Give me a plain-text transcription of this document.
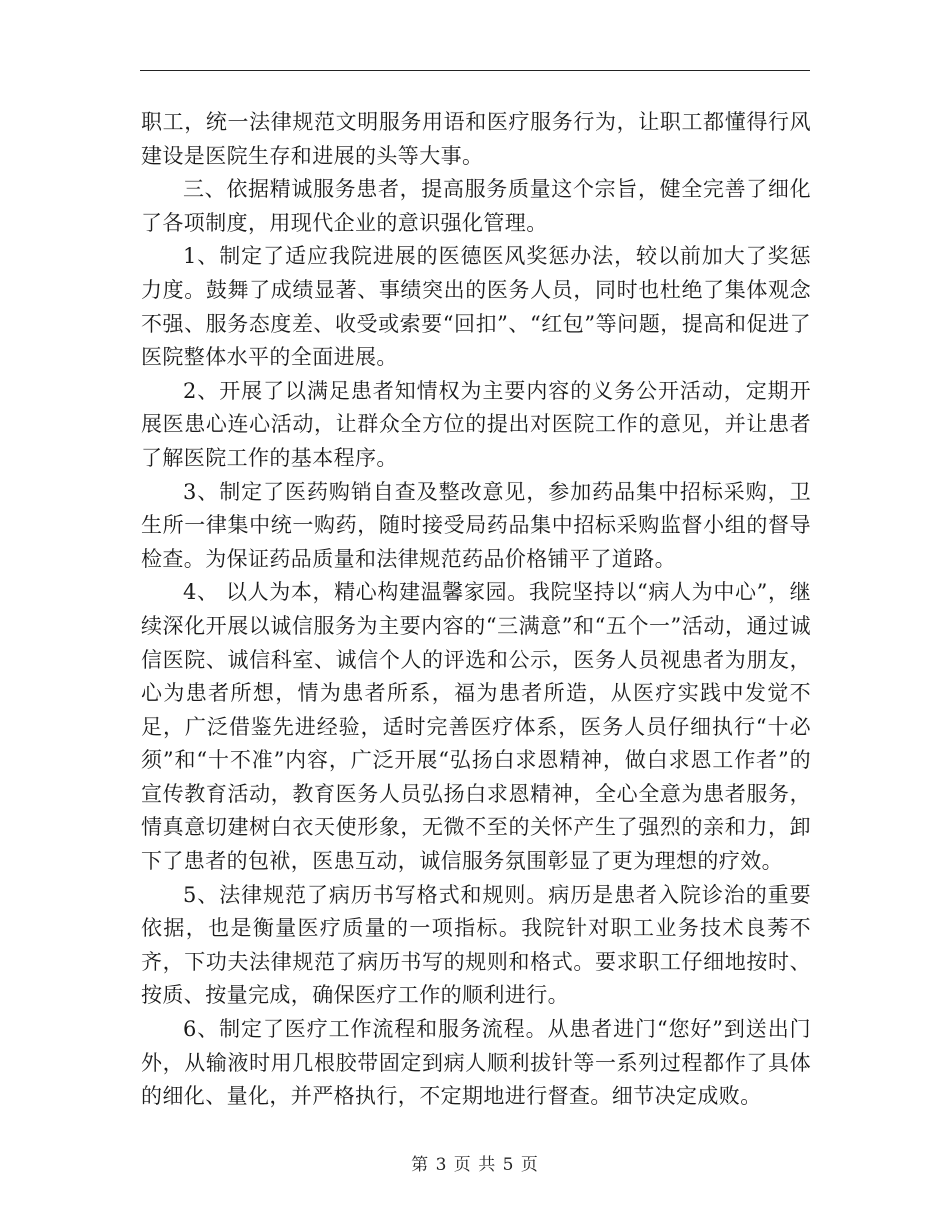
职工，统一法律规范文明服务用语和医疗服务行为，让职工都懂得行风建设是医院生存和进展的头等大事。

三、依据精诚服务患者，提高服务质量这个宗旨，健全完善了细化了各项制度，用现代企业的意识强化管理。

1、制定了适应我院进展的医德医风奖惩办法，较以前加大了奖惩力度。鼓舞了成绩显著、事绩突出的医务人员，同时也杜绝了集体观念不强、服务态度差、收受或索要“回扣”、“红包”等问题，提高和促进了医院整体水平的全面进展。

2、开展了以满足患者知情权为主要内容的义务公开活动，定期开展医患心连心活动，让群众全方位的提出对医院工作的意见，并让患者了解医院工作的基本程序。

3、制定了医药购销自查及整改意见，参加药品集中招标采购，卫生所一律集中统一购药，随时接受局药品集中招标采购监督小组的督导检查。为保证药品质量和法律规范药品价格铺平了道路。

4、 以人为本，精心构建温馨家园。我院坚持以“病人为中心”，继续深化开展以诚信服务为主要内容的“三满意”和“五个一”活动，通过诚信医院、诚信科室、诚信个人的评选和公示，医务人员视患者为朋友，心为患者所想，情为患者所系，福为患者所造，从医疗实践中发觉不足，广泛借鉴先进经验，适时完善医疗体系，医务人员仔细执行“十必须”和“十不准”内容，广泛开展“弘扬白求恩精神，做白求恩工作者”的宣传教育活动，教育医务人员弘扬白求恩精神，全心全意为患者服务，情真意切建树白衣天使形象，无微不至的关怀产生了强烈的亲和力，卸下了患者的包袱，医患互动，诚信服务氛围彰显了更为理想的疗效。

5、法律规范了病历书写格式和规则。病历是患者入院诊治的重要依据，也是衡量医疗质量的一项指标。我院针对职工业务技术良莠不齐，下功夫法律规范了病历书写的规则和格式。要求职工仔细地按时、按质、按量完成，确保医疗工作的顺利进行。

6、制定了医疗工作流程和服务流程。从患者进门“您好”到送出门外，从输液时用几根胶带固定到病人顺利拔针等一系列过程都作了具体的细化、量化，并严格执行，不定期地进行督查。细节决定成败。

第 3 页 共 5 页
